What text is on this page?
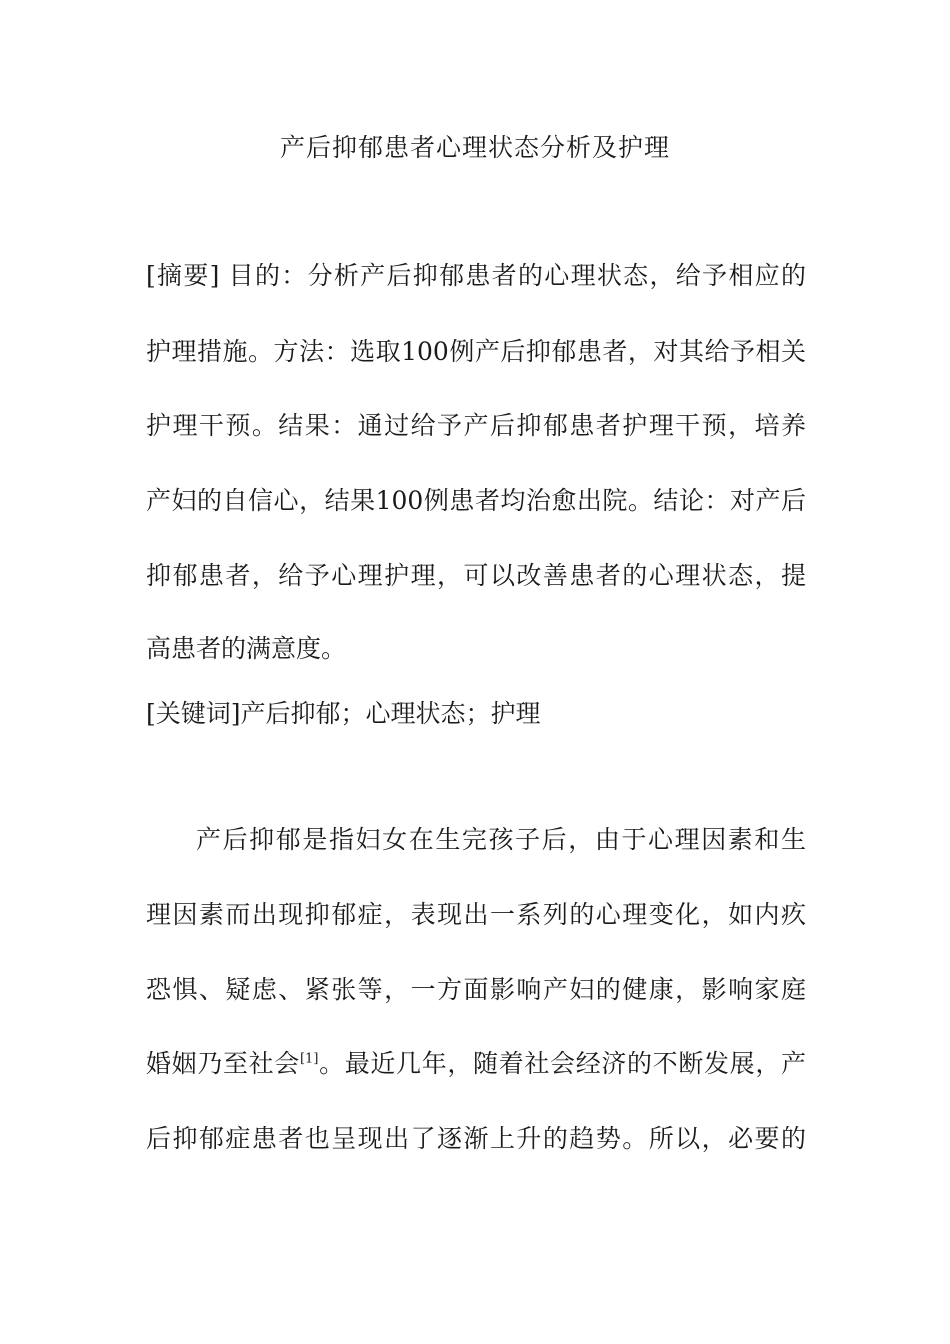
产后抑郁患者心理状态分析及护理
[摘要] 目的：分析产后抑郁患者的心理状态，给予相应的
护理措施。方法：选取100例产后抑郁患者，对其给予相关
护理干预。结果：通过给予产后抑郁患者护理干预，培养
产妇的自信心，结果100例患者均治愈出院。结论：对产后
抑郁患者，给予心理护理，可以改善患者的心理状态，提
高患者的满意度。
[关键词]产后抑郁；心理状态；护理
产后抑郁是指妇女在生完孩子后，由于心理因素和生
理因素而出现抑郁症，表现出一系列的心理变化，如内疚
恐惧、疑虑、紧张等，一方面影响产妇的健康，影响家庭
婚姻乃至社会[1]。最近几年，随着社会经济的不断发展，产
后抑郁症患者也呈现出了逐渐上升的趋势。所以，必要的
